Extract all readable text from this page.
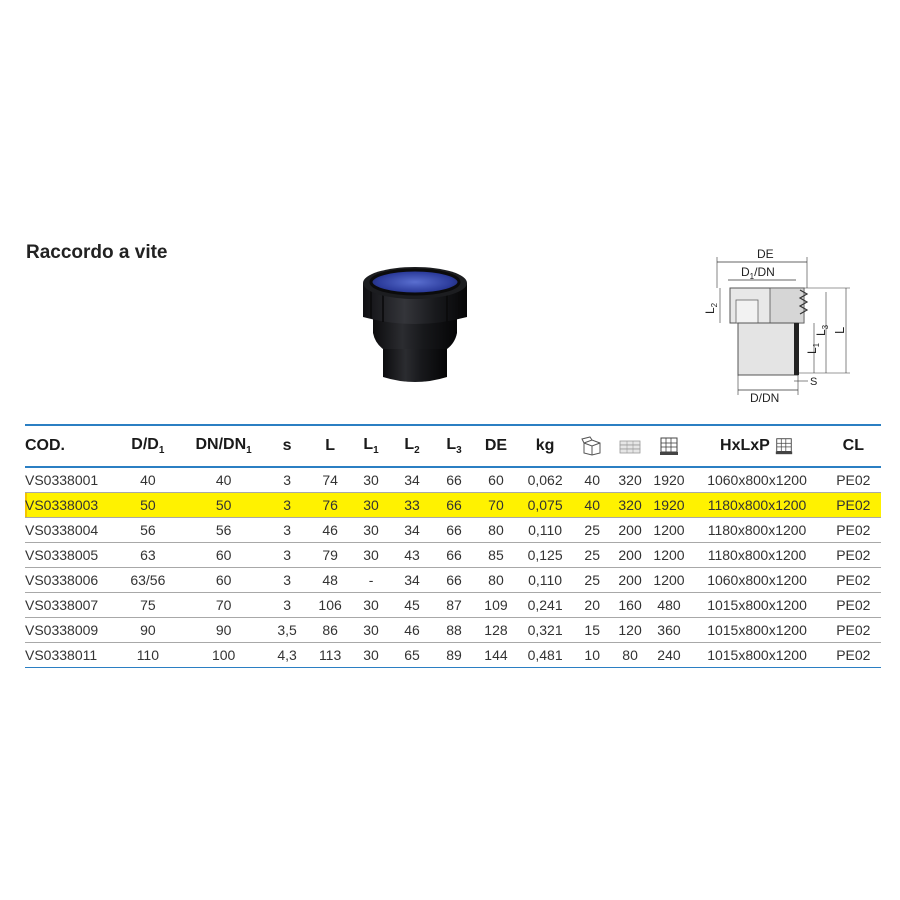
Raccordo a vite	DE
$D_1/DN$
$L_2$
$L_1$
$L_3$ L
S
D/DN
COD.	$D/D_1$	$DN/DN_1$	s	L	$L_1$	$L_2$	$L_3$	DE	kg				HxLxP	CL
VS0338001	40	40	3	74	30	34	66	60	0,062	40	320	1920	1060x800x1200	PE02
VS0338003	50	50	3	76	30	33	66	70	0,075	40	320	1920	1180x800x1200	PE02
VS0338004	56	56	3	46	30	34	66	80	0,110	25	200	1200	1180x800x1200	PE02
VS0338005	63	60	3	79	30	43	66	85	0,125	25	200	1200	1180x800x1200	PE02
VS0338006	63/56	60	3	48	-	34	66	80	0,110	25	200	1200	1060x800x1200	PE02
VS0338007	75	70	3	106	30	45	87	109	0,241	20	160	480	1015x800x1200	PE02
VS0338009	90	90	3,5	86	30	46	88	128	0,321	15	120	360	1015x800x1200	PE02
VS0338011	110	100	4,3	113	30	65	89	144	0,481	10	80	240	1015x800x1200	PE02
